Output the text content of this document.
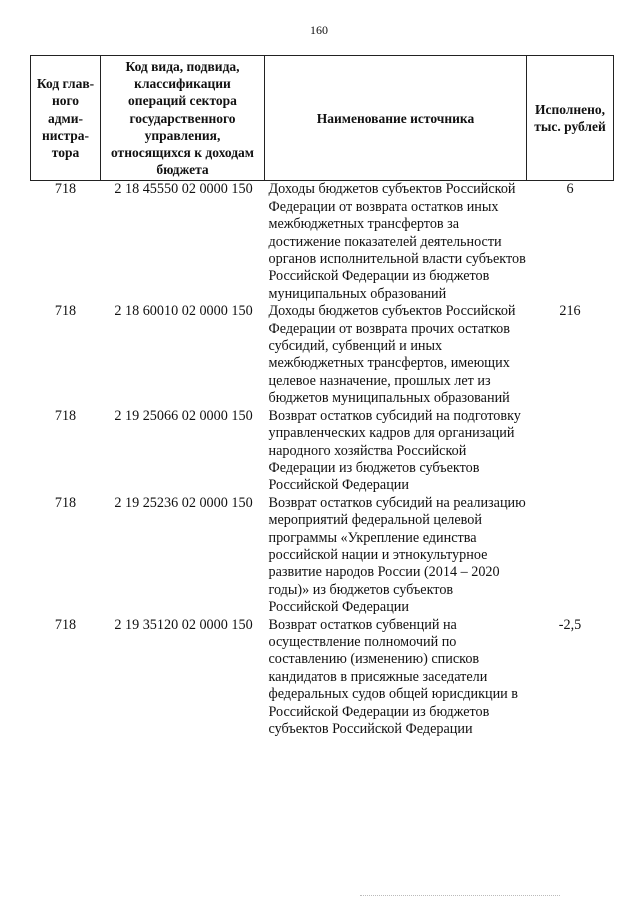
160
Код глав-ного адми-нистра-тора	Код вида, подвида, классификации операций сектора государственного управления, относящихся к доходам бюджета	Наименование источника	Исполнено, тыс. рублей
718	2 18 45550 02 0000 150	Доходы бюджетов субъектов Российской Федерации от возврата остатков иных межбюджетных трансфертов за достижение показателей деятельности органов исполнительной власти субъектов Российской Федерации из бюджетов муниципальных образований	6
718	2 18 60010 02 0000 150	Доходы бюджетов субъектов Российской Федерации от возврата прочих остатков субсидий, субвенций и иных межбюджетных трансфертов, имеющих целевое назначение, прошлых лет из бюджетов муниципальных образований	216
718	2 19 25066 02 0000 150	Возврат остатков субсидий на подготовку управленческих кадров для организаций народного хозяйства Российской Федерации из бюджетов субъектов Российской Федерации	
718	2 19 25236 02 0000 150	Возврат остатков субсидий на реализацию мероприятий федеральной целевой программы «Укрепление единства российской нации и этнокультурное развитие народов России (2014 – 2020 годы)» из бюджетов субъектов Российской Федерации	
718	2 19 35120 02 0000 150	Возврат остатков субвенций на осуществление полномочий по составлению (изменению) списков кандидатов в присяжные заседатели федеральных судов общей юрисдикции в Российской Федерации из бюджетов субъектов Российской Федерации	-2,5
